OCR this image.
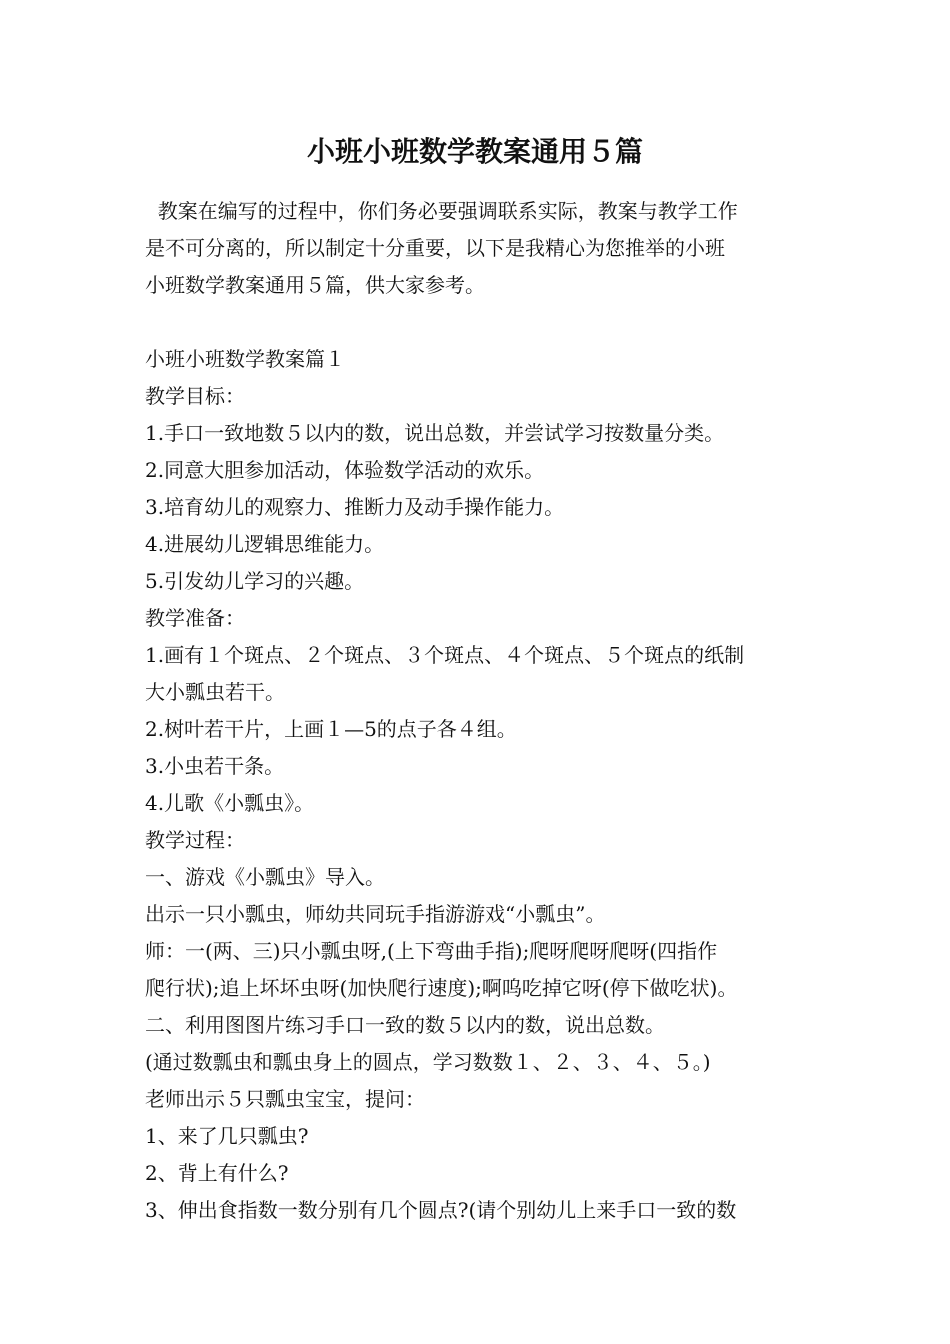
小班小班数学教案通用５篇

教案在编写的过程中，你们务必要强调联系实际，教案与教学工作

是不可分离的，所以制定十分重要，以下是我精心为您推举的小班

小班数学教案通用５篇，供大家参考。

小班小班数学教案篇１

教学目标：

1.手口一致地数５以内的数，说出总数，并尝试学习按数量分类。

2.同意大胆参加活动，体验数学活动的欢乐。

3.培育幼儿的观察力、推断力及动手操作能力。

4.进展幼儿逻辑思维能力。

5.引发幼儿学习的兴趣。

教学准备：

1.画有１个斑点、２个斑点、３个斑点、４个斑点、５个斑点的纸制

大小瓢虫若干。

2.树叶若干片，上画１—5的点子各４组。

3.小虫若干条。

4.儿歌《小瓢虫》。

教学过程：

一、游戏《小瓢虫》导入。

出示一只小瓢虫，师幼共同玩手指游游戏“小瓢虫”。

师：一(两、三)只小瓢虫呀,(上下弯曲手指);爬呀爬呀爬呀(四指作

爬行状);追上坏坏虫呀(加快爬行速度);啊呜吃掉它呀(停下做吃状)。

二、利用图图片练习手口一致的数５以内的数，说出总数。

(通过数瓢虫和瓢虫身上的圆点，学习数数１、２、３、４、５。)

老师出示５只瓢虫宝宝，提问：

1、来了几只瓢虫?

2、背上有什么?

3、伸出食指数一数分别有几个圆点?(请个别幼儿上来手口一致的数
